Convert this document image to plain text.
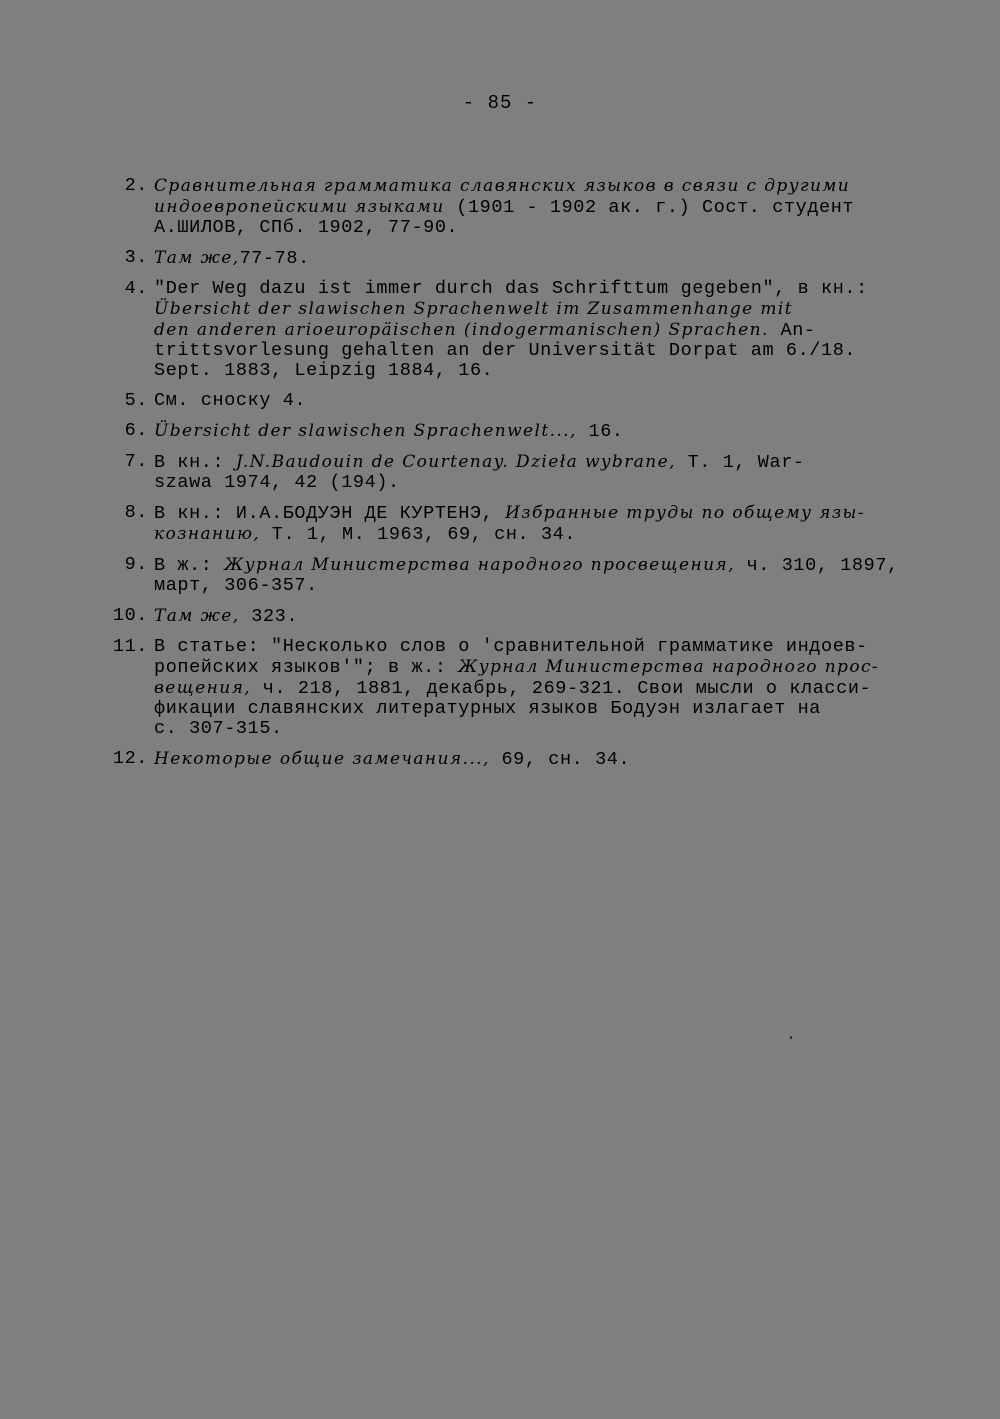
- 85 -
2. Сравнительная грамматика славянских языков в связи с другими
индоевропейскими языками (1901 - 1902 ак. г.) Сост. студент
А.ШИЛОВ, СПб. 1902, 77-90.
3. Там же,77-78.
4. "Der Weg dazu ist immer durch das Schrifttum gegeben", в кн.:
Übersicht der slawischen Sprachenwelt im Zusammenhange mit
den anderen arioeuropäischen (indogermanischen) Sprachen. An-
trittsvorlesung gehalten an der Universität Dorpat am 6./18.
Sept. 1883, Leipzig 1884, 16.
5. См. сноску 4.
6. Übersicht der slawischen Sprachenwelt..., 16.
7. В кн.: J.N.Baudouin de Courtenay. Dzieła wybrane, Т. 1, War-
szawa 1974, 42 (194).
8. В кн.: И.А.БОДУЭН ДЕ КУРТЕНЭ, Избранные труды по общему язы-
кознанию, Т. 1, М. 1963, 69, сн. 34.
9. В ж.: Журнал Министерства народного просвещения, ч. 310, 1897,
март, 306-357.
10. Там же, 323.
11. В статье: "Несколько слов о 'сравнительной грамматике индоев-
ропейских языков'"; в ж.: Журнал Министерства народного прос-
вещения, ч. 218, 1881, декабрь, 269-321. Свои мысли о класси-
фикации славянских литературных языков Бодуэн излагает на
с. 307-315.
12. Некоторые общие замечания..., 69, сн. 34.
